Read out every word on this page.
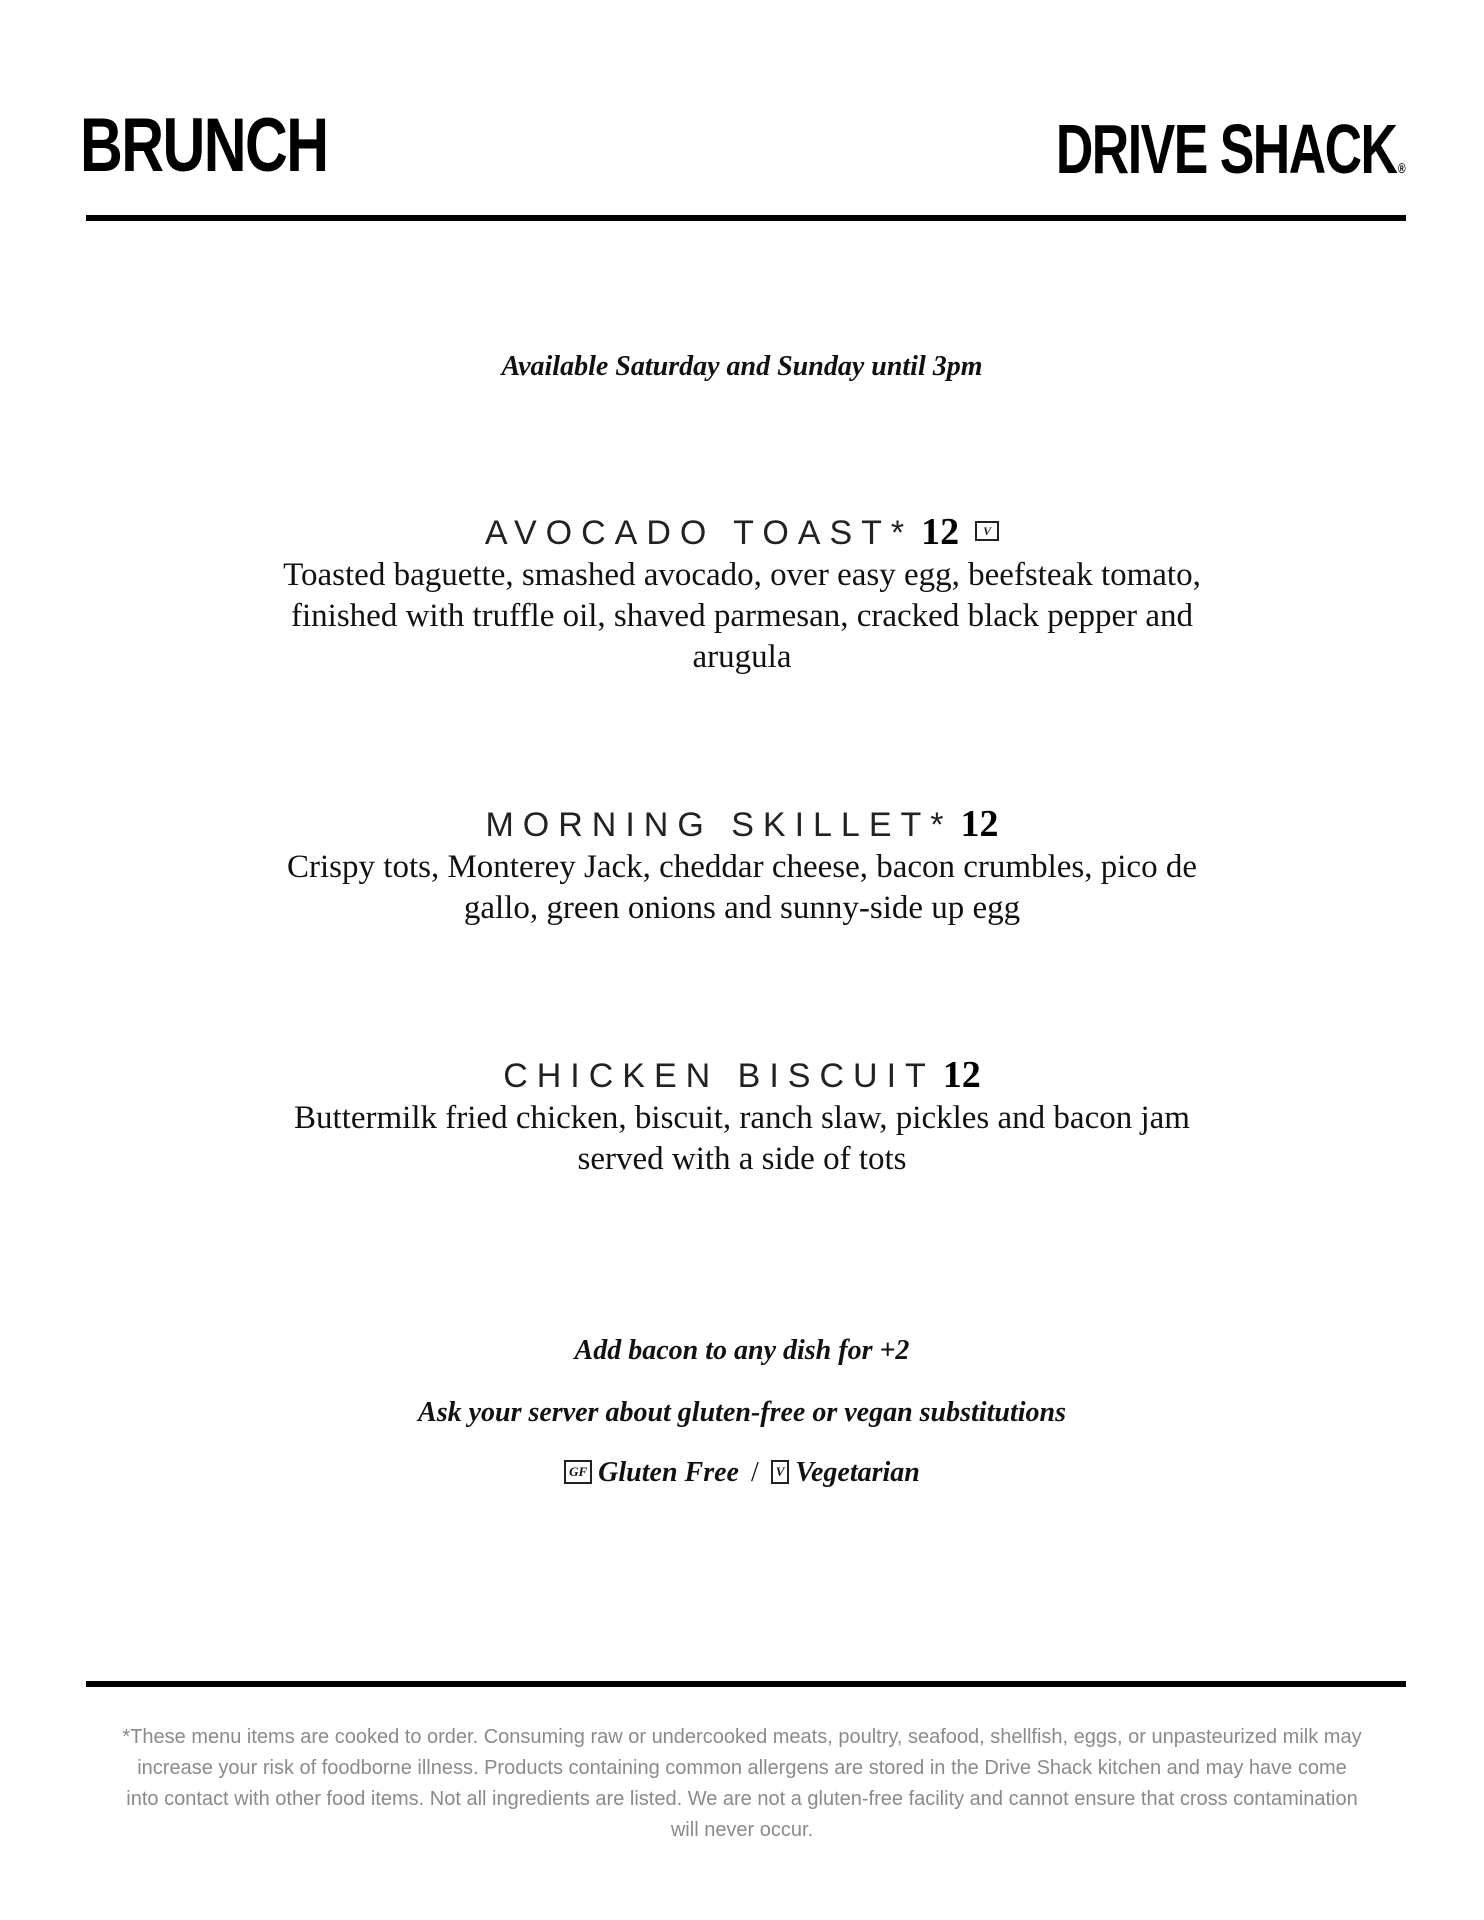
BRUNCH	DRIVE SHACK®
Available Saturday and Sunday until 3pm
AVOCADO TOAST* 12 V
Toasted baguette, smashed avocado, over easy egg, beefsteak tomato, finished with truffle oil, shaved parmesan, cracked black pepper and arugula
MORNING SKILLET* 12
Crispy tots, Monterey Jack, cheddar cheese, bacon crumbles, pico de gallo, green onions and sunny-side up egg
CHICKEN BISCUIT 12
Buttermilk fried chicken, biscuit, ranch slaw, pickles and bacon jam served with a side of tots
Add bacon to any dish for +2
Ask your server about gluten-free or vegan substitutions
GF Gluten Free / V Vegetarian
*These menu items are cooked to order. Consuming raw or undercooked meats, poultry, seafood, shellfish, eggs, or unpasteurized milk may increase your risk of foodborne illness. Products containing common allergens are stored in the Drive Shack kitchen and may have come into contact with other food items. Not all ingredients are listed. We are not a gluten-free facility and cannot ensure that cross contamination will never occur.
